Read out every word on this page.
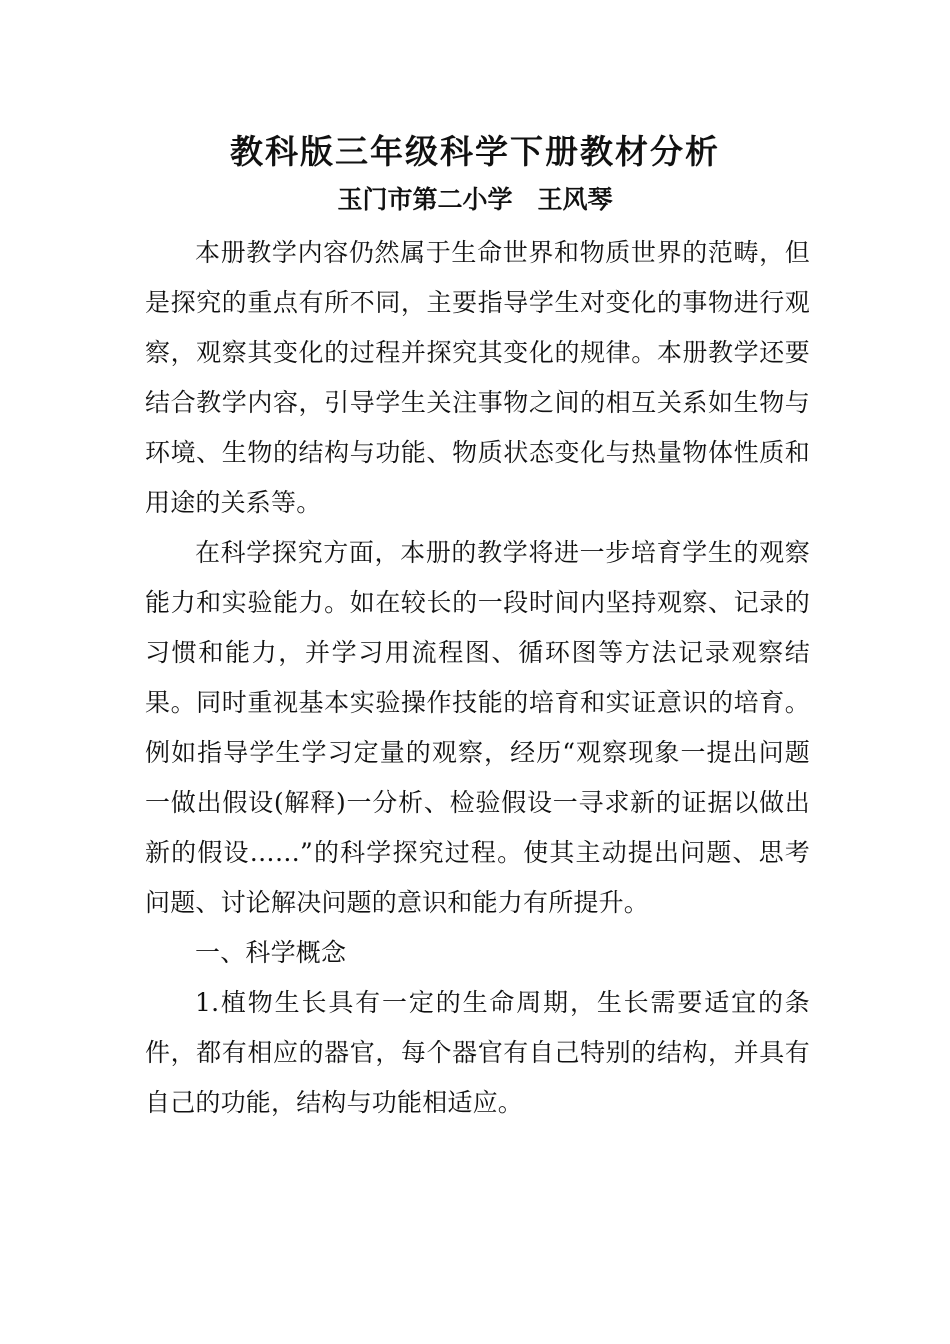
教科版三年级科学下册教材分析
玉门市第二小学　王风琴

本册教学内容仍然属于生命世界和物质世界的范畴，但是探究的重点有所不同，主要指导学生对变化的事物进行观察，观察其变化的过程并探究其变化的规律。本册教学还要结合教学内容，引导学生关注事物之间的相互关系如生物与环境、生物的结构与功能、物质状态变化与热量物体性质和用途的关系等。

在科学探究方面，本册的教学将进一步培育学生的观察能力和实验能力。如在较长的一段时间内坚持观察、记录的习惯和能力，并学习用流程图、循环图等方法记录观察结果。同时重视基本实验操作技能的培育和实证意识的培育。例如指导学生学习定量的观察，经历“观察现象一提出问题一做出假设(解释)一分析、检验假设一寻求新的证据以做出新的假设……”的科学探究过程。使其主动提出问题、思考问题、讨论解决问题的意识和能力有所提升。

一、科学概念

1.植物生长具有一定的生命周期，生长需要适宜的条件，都有相应的器官，每个器官有自己特别的结构，并具有自己的功能，结构与功能相适应。
